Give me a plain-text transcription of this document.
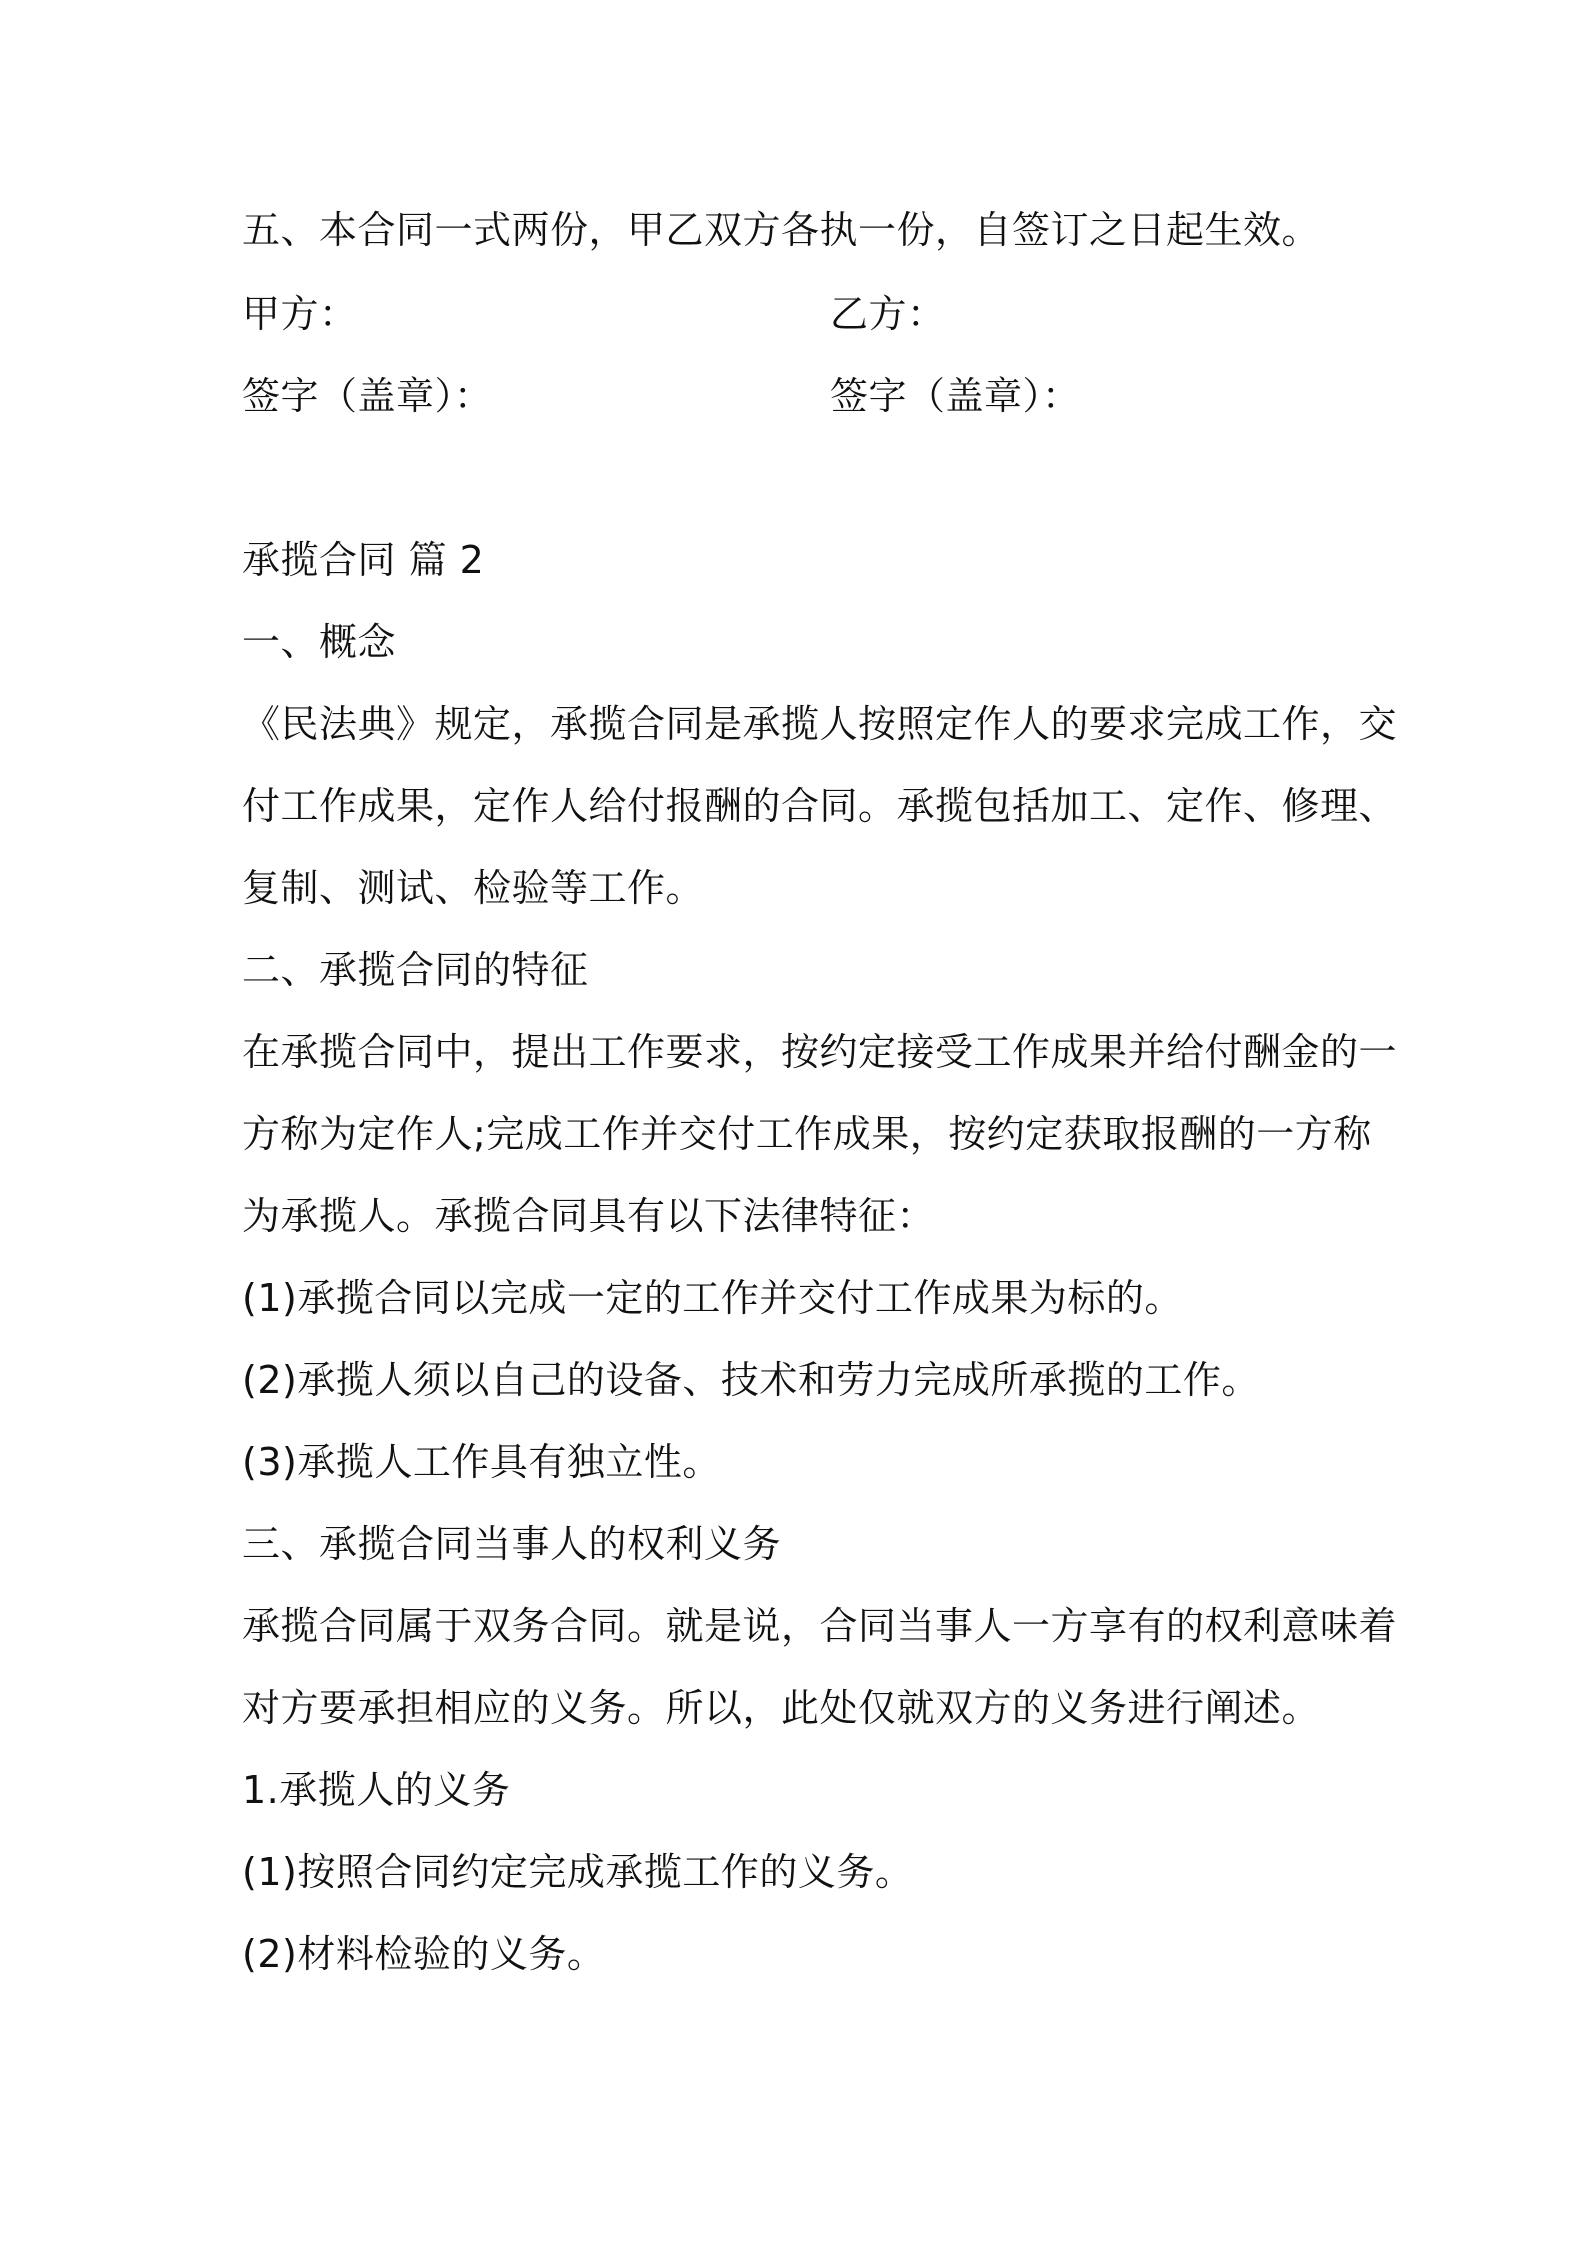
五、本合同一式两份，甲乙双方各执一份，自签订之日起生效。
甲方：	乙方：
签字（盖章）：	签字（盖章）：
承揽合同 篇 2
一、概念
《民法典》规定，承揽合同是承揽人按照定作人的要求完成工作，交
付工作成果，定作人给付报酬的合同。承揽包括加工、定作、修理、
复制、测试、检验等工作。
二、承揽合同的特征
在承揽合同中，提出工作要求，按约定接受工作成果并给付酬金的一
方称为定作人;完成工作并交付工作成果，按约定获取报酬的一方称
为承揽人。承揽合同具有以下法律特征：
(1)承揽合同以完成一定的工作并交付工作成果为标的。
(2)承揽人须以自己的设备、技术和劳力完成所承揽的工作。
(3)承揽人工作具有独立性。
三、承揽合同当事人的权利义务
承揽合同属于双务合同。就是说，合同当事人一方享有的权利意味着
对方要承担相应的义务。所以，此处仅就双方的义务进行阐述。
1.承揽人的义务
(1)按照合同约定完成承揽工作的义务。
(2)材料检验的义务。
